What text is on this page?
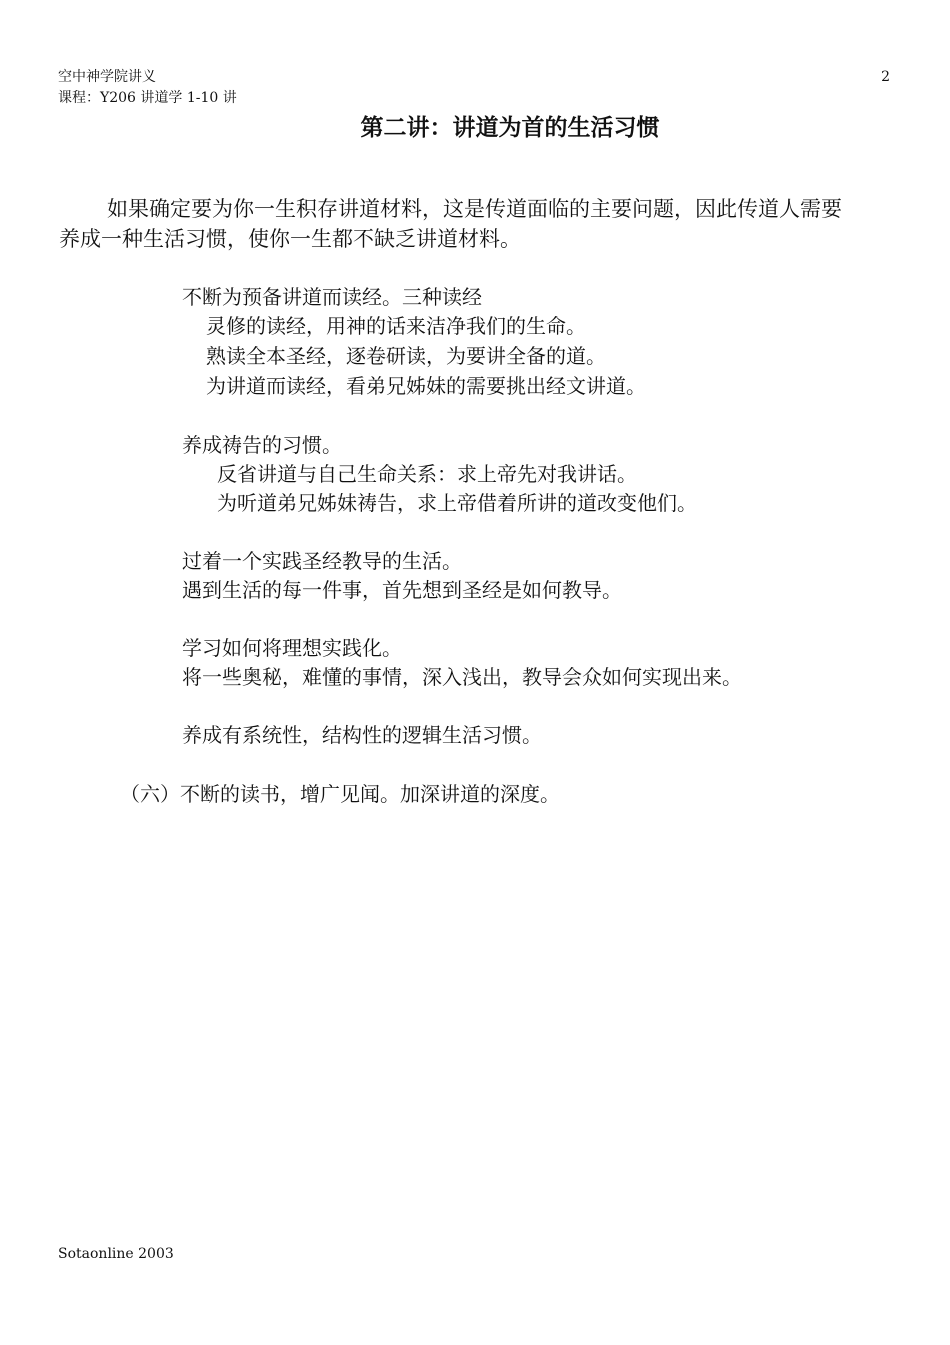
空中神学院讲义
课程：Y206 讲道学 1-10 讲
2
第二讲：讲道为首的生活习惯
如果确定要为你一生积存讲道材料，这是传道面临的主要问题，因此传道人需要
养成一种生活习惯，使你一生都不缺乏讲道材料。
不断为预备讲道而读经。三种读经
灵修的读经，用神的话来洁净我们的生命。
熟读全本圣经，逐卷研读，为要讲全备的道。
为讲道而读经，看弟兄姊妹的需要挑出经文讲道。
养成祷告的习惯。
反省讲道与自己生命关系：求上帝先对我讲话。
为听道弟兄姊妹祷告，求上帝借着所讲的道改变他们。
过着一个实践圣经教导的生活。
遇到生活的每一件事，首先想到圣经是如何教导。
学习如何将理想实践化。
将一些奥秘，难懂的事情，深入浅出，教导会众如何实现出来。
养成有系统性，结构性的逻辑生活习惯。
（六）不断的读书，增广见闻。加深讲道的深度。
Sotaonline 2003
